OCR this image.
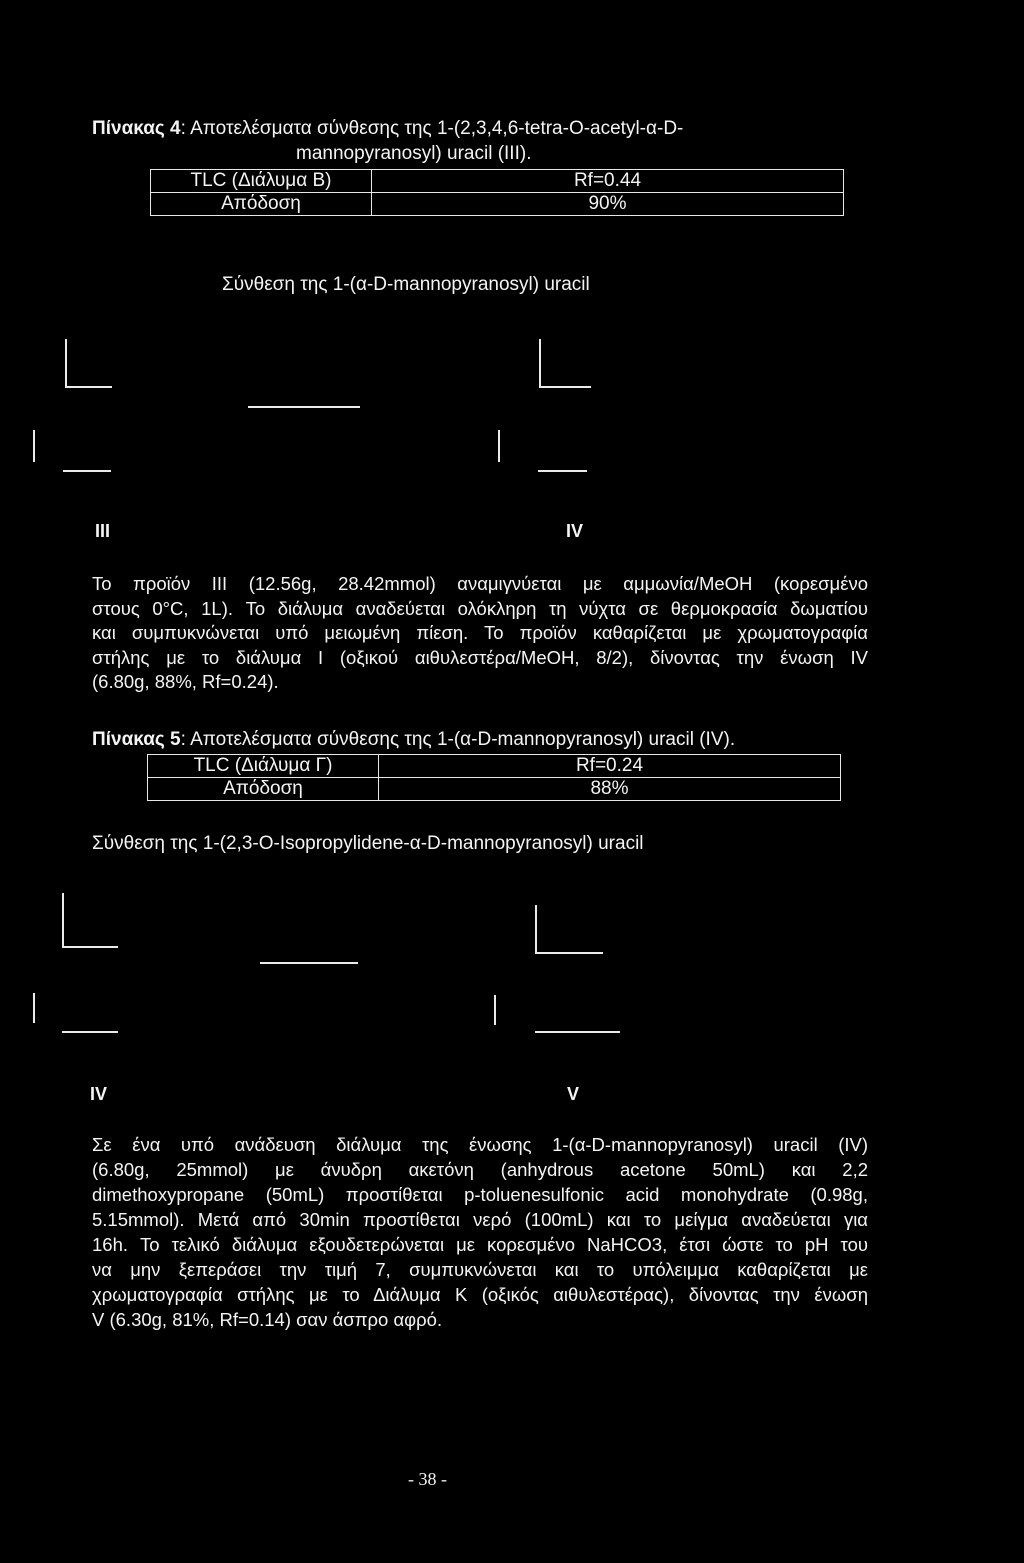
Πίνακας 4: Αποτελέσματα σύνθεσης της 1-(2,3,4,6-tetra-O-acetyl-α-D-
mannopyranosyl) uracil (III).
TLC (Διάλυμα Β)	Rf=0.44
Απόδοση	90%
Σύνθεση της 1-(α-D-mannopyranosyl) uracil
III	IV
Το προϊόν III (12.56g, 28.42mmol) αναμιγνύεται με αμμωνία/MeOH (κορεσμένο
στους 0°C, 1L). Το διάλυμα αναδεύεται ολόκληρη τη νύχτα σε θερμοκρασία δωματίου
και συμπυκνώνεται υπό μειωμένη πίεση. Το προϊόν καθαρίζεται με χρωματογραφία
στήλης με το διάλυμα I (οξικού αιθυλεστέρα/MeOH, 8/2), δίνοντας την ένωση IV
(6.80g, 88%, Rf=0.24).
Πίνακας 5: Αποτελέσματα σύνθεσης της 1-(α-D-mannopyranosyl) uracil (IV).
TLC (Διάλυμα Γ)	Rf=0.24
Απόδοση	88%
Σύνθεση της 1-(2,3-O-Isopropylidene-α-D-mannopyranosyl) uracil
IV	V
Σε ένα υπό ανάδευση διάλυμα της ένωσης 1-(α-D-mannopyranosyl) uracil (IV)
(6.80g, 25mmol) με άνυδρη ακετόνη (anhydrous acetone 50mL) και 2,2
dimethoxypropane (50mL) προστίθεται p-toluenesulfonic acid monohydrate (0.98g,
5.15mmol). Μετά από 30min προστίθεται νερό (100mL) και το μείγμα αναδεύεται για
16h. Το τελικό διάλυμα εξουδετερώνεται με κορεσμένο NaHCO3, έτσι ώστε το pH του
να μην ξεπεράσει την τιμή 7, συμπυκνώνεται και το υπόλειμμα καθαρίζεται με
χρωματογραφία στήλης με το Διάλυμα Κ (οξικός αιθυλεστέρας), δίνοντας την ένωση
V (6.30g, 81%, Rf=0.14) σαν άσπρο αφρό.
- 38 -
